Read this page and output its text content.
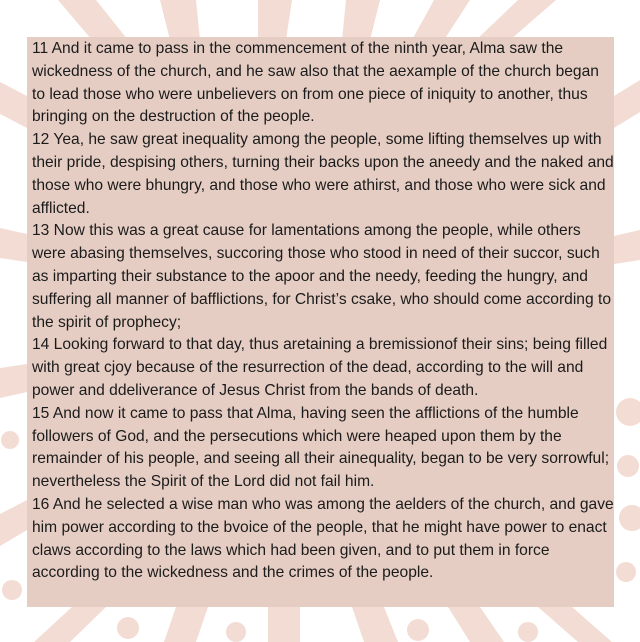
11 And it came to pass in the commencement of the ninth year, Alma saw the wickedness of the church, and he saw also that the aexample of the church began to lead those who were unbelievers on from one piece of iniquity to another, thus bringing on the destruction of the people.

12 Yea, he saw great inequality among the people, some lifting themselves up with their pride, despising others, turning their backs upon the aneedy and the naked and those who were bhungry, and those who were athirst, and those who were sick and afflicted.

13 Now this was a great cause for lamentations among the people, while others were abasing themselves, succoring those who stood in need of their succor, such as imparting their substance to the apoor and the needy, feeding the hungry, and suffering all manner of bafflictions, for Christ’s csake, who should come according to the spirit of prophecy;

14 Looking forward to that day, thus aretaining a bremissionof their sins; being filled with great cjoy because of the resurrection of the dead, according to the will and power and ddeliverance of Jesus Christ from the bands of death.

15 And now it came to pass that Alma, having seen the afflictions of the humble followers of God, and the persecutions which were heaped upon them by the remainder of his people, and seeing all their ainequality, began to be very sorrowful; nevertheless the Spirit of the Lord did not fail him.

16 And he selected a wise man who was among the aelders of the church, and gave him power according to the bvoice of the people, that he might have power to enact claws according to the laws which had been given, and to put them in force according to the wickedness and the crimes of the people.
